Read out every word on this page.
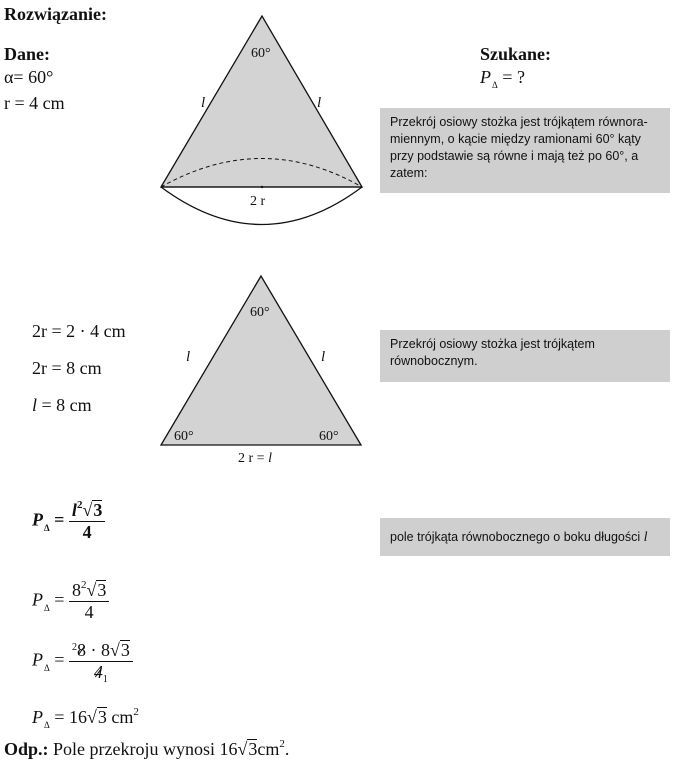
Rozwiązanie:
Dane:
α= 60°
r = 4 cm
Szukane:
$P_\Delta$ = ?
60°
l	l
2 r
Przekrój osiowy stożka jest trójkątem równora- miennym, o kącie między ramionami 60° kąty przy podstawie są równe i mają też po 60°, a zatem:
2r = 2 · 4 cm
2r = 8 cm
l = 8 cm
60°
l	l
60°	60°
2 r = l
Przekrój osiowy stożka jest trójkątem równobocznym.
$P_\Delta = \frac{l^2√3}{4}$	pole trójkąta równobocznego o boku długości l
$P_\Delta = \frac{8^2√3}{4}$
$P_\Delta = \frac{^28 \cdot 8√3}{4_1}$
$P_\Delta = 16√3$ $cm^2$
Odp.: Pole przekroju wynosi $16√3cm^2$.
